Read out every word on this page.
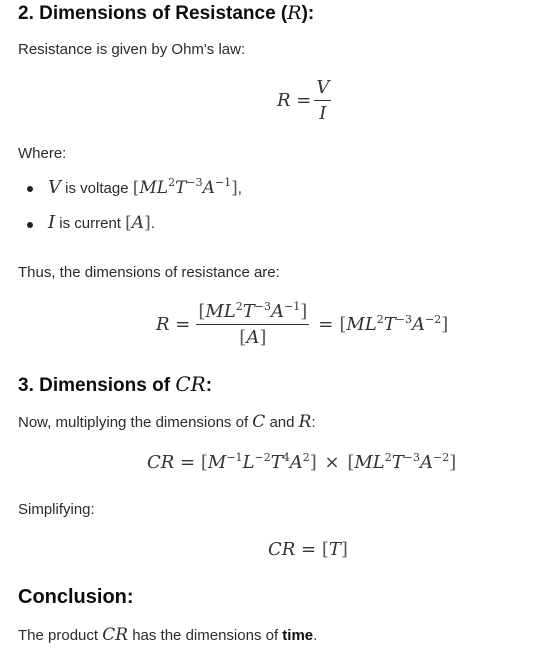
2. Dimensions of Resistance (R):
Resistance is given by Ohm's law:
$R = \frac{V}{I}$
Where:
V is voltage $[ML^2T^{-3}A^{-1}]$,
I is current [A].
Thus, the dimensions of resistance are:
$R = \frac{[ML^2T^{-3}A^{-1}]}{[A]} = [ML^2T^{-3}A^{-2}]$
3. Dimensions of CR:
Now, multiplying the dimensions of C and R:
CR = $[M^{-1}L^{-2}T^4A^2] \times [ML^2T^{-3}A^{-2}]$
Simplifying:
CR = [T]
Conclusion:
The product CR has the dimensions of time.
